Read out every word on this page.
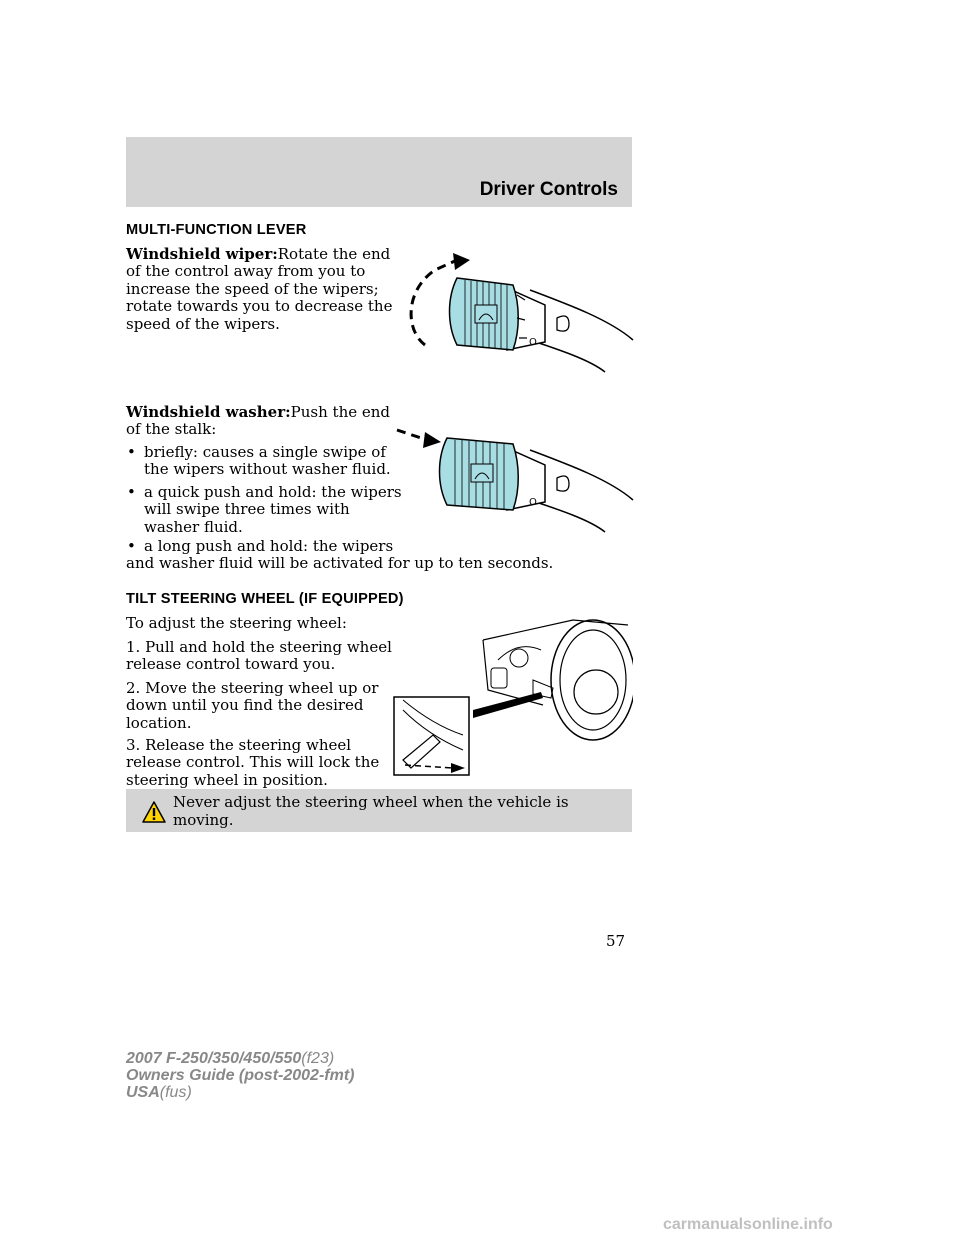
Driver Controls
MULTI-FUNCTION LEVER
Windshield wiper:Rotate the end
of the control away from you to
increase the speed of the wipers;
rotate towards you to decrease the
speed of the wipers.
Windshield washer:Push the end
of the stalk:
• briefly: causes a single swipe of
the wipers without washer fluid.
• a quick push and hold: the wipers
will swipe three times with
washer fluid.
• a long push and hold: the wipers
and washer fluid will be activated for up to ten seconds.
TILT STEERING WHEEL (IF EQUIPPED)
To adjust the steering wheel:
1. Pull and hold the steering wheel
release control toward you.
2. Move the steering wheel up or
down until you find the desired
location.
3. Release the steering wheel
release control. This will lock the
steering wheel in position.
Never adjust the steering wheel when the vehicle is moving.
O
O
57
2007 F-250/350/450/550(f23)
Owners Guide (post-2002-fmt)
USA(fus)
carmanualsonline.info
